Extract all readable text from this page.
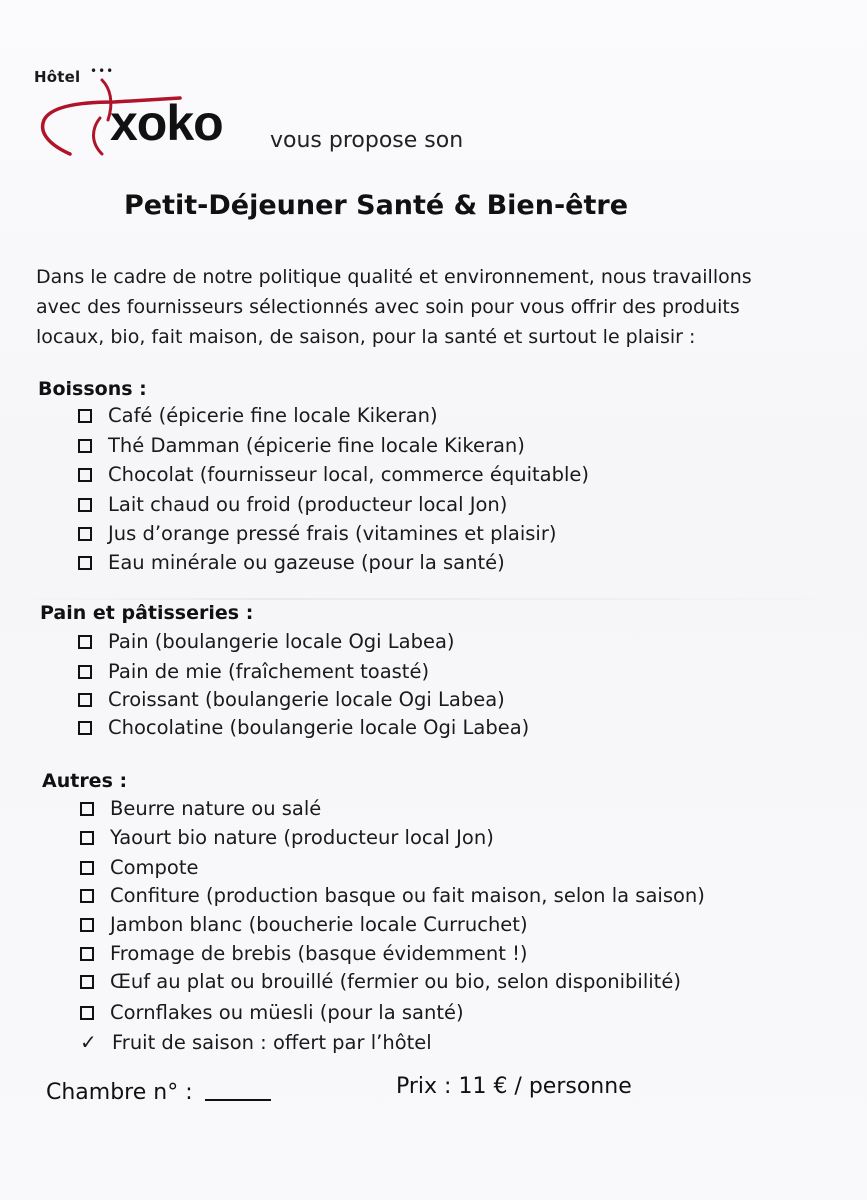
Hôtel •••
xoko vous propose son
Petit-Déjeuner Santé & Bien-être
Dans le cadre de notre politique qualité et environnement, nous travaillons
avec des fournisseurs sélectionnés avec soin pour vous offrir des produits
locaux, bio, fait maison, de saison, pour la santé et surtout le plaisir :
Boissons :
Café (épicerie fine locale Kikeran)
Thé Damman (épicerie fine locale Kikeran)
Chocolat (fournisseur local, commerce équitable)
Lait chaud ou froid (producteur local Jon)
Jus d’orange pressé frais (vitamines et plaisir)
Eau minérale ou gazeuse (pour la santé)
Pain et pâtisseries :
Pain (boulangerie locale Ogi Labea)
Pain de mie (fraîchement toasté)
Croissant (boulangerie locale Ogi Labea)
Chocolatine (boulangerie locale Ogi Labea)
Autres :
Beurre nature ou salé
Yaourt bio nature (producteur local Jon)
Compote
Confiture (production basque ou fait maison, selon la saison)
Jambon blanc (boucherie locale Curruchet)
Fromage de brebis (basque évidemment !)
Œuf au plat ou brouillé (fermier ou bio, selon disponibilité)
Cornflakes ou müesli (pour la santé)
✓ Fruit de saison : offert par l’hôtel
Chambre n° :	Prix : 11 € / personne
